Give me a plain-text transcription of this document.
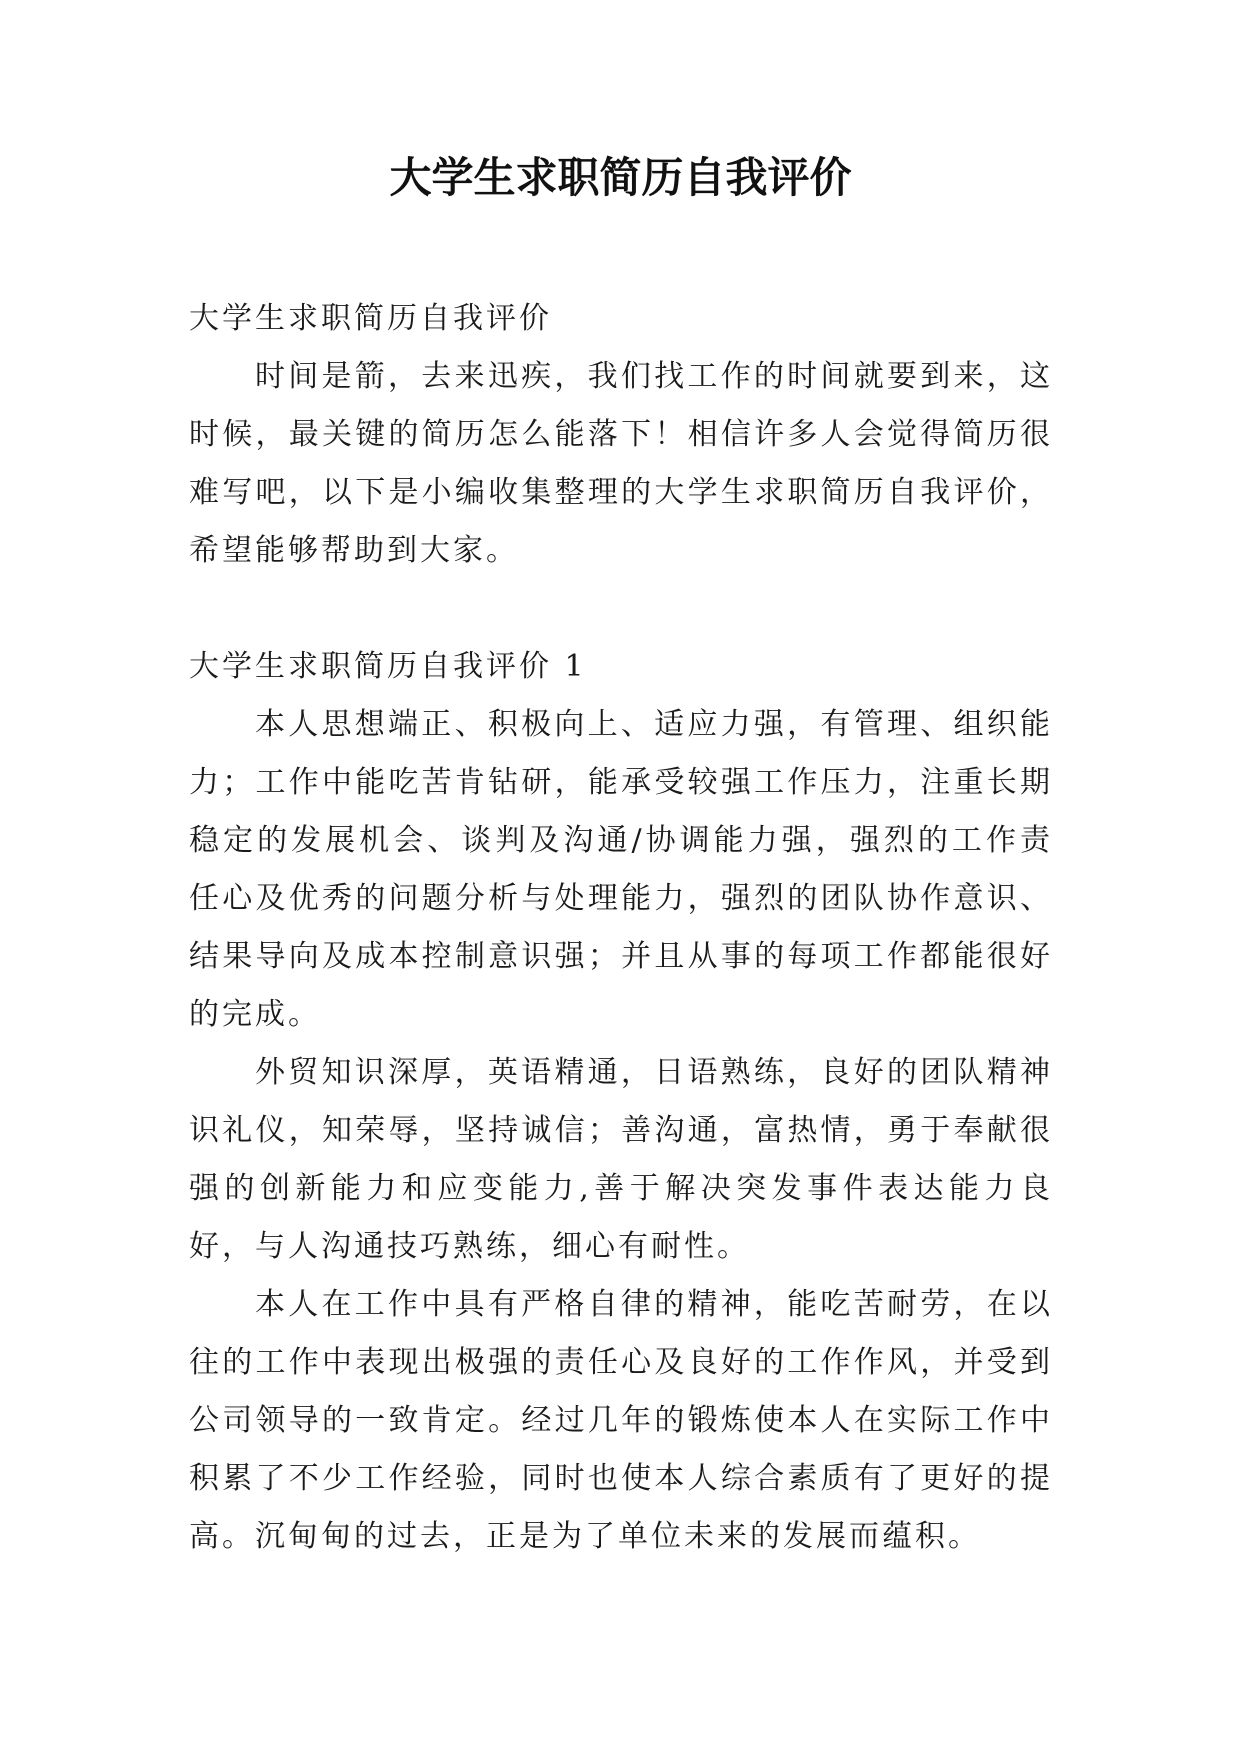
大学生求职简历自我评价

大学生求职简历自我评价

时间是箭，去来迅疾，我们找工作的时间就要到来，这时候，最关键的简历怎么能落下！相信许多人会觉得简历很难写吧，以下是小编收集整理的大学生求职简历自我评价，希望能够帮助到大家。

大学生求职简历自我评价 1

本人思想端正、积极向上、适应力强，有管理、组织能力；工作中能吃苦肯钻研，能承受较强工作压力，注重长期稳定的发展机会、谈判及沟通/协调能力强，强烈的工作责任心及优秀的问题分析与处理能力，强烈的团队协作意识、结果导向及成本控制意识强；并且从事的每项工作都能很好的完成。

外贸知识深厚，英语精通，日语熟练，良好的团队精神识礼仪，知荣辱，坚持诚信；善沟通，富热情，勇于奉献很强的创新能力和应变能力,善于解决突发事件表达能力良好，与人沟通技巧熟练，细心有耐性。

本人在工作中具有严格自律的精神，能吃苦耐劳，在以往的工作中表现出极强的责任心及良好的工作作风，并受到公司领导的一致肯定。经过几年的锻炼使本人在实际工作中积累了不少工作经验，同时也使本人综合素质有了更好的提高。沉甸甸的过去，正是为了单位未来的发展而蕴积。
